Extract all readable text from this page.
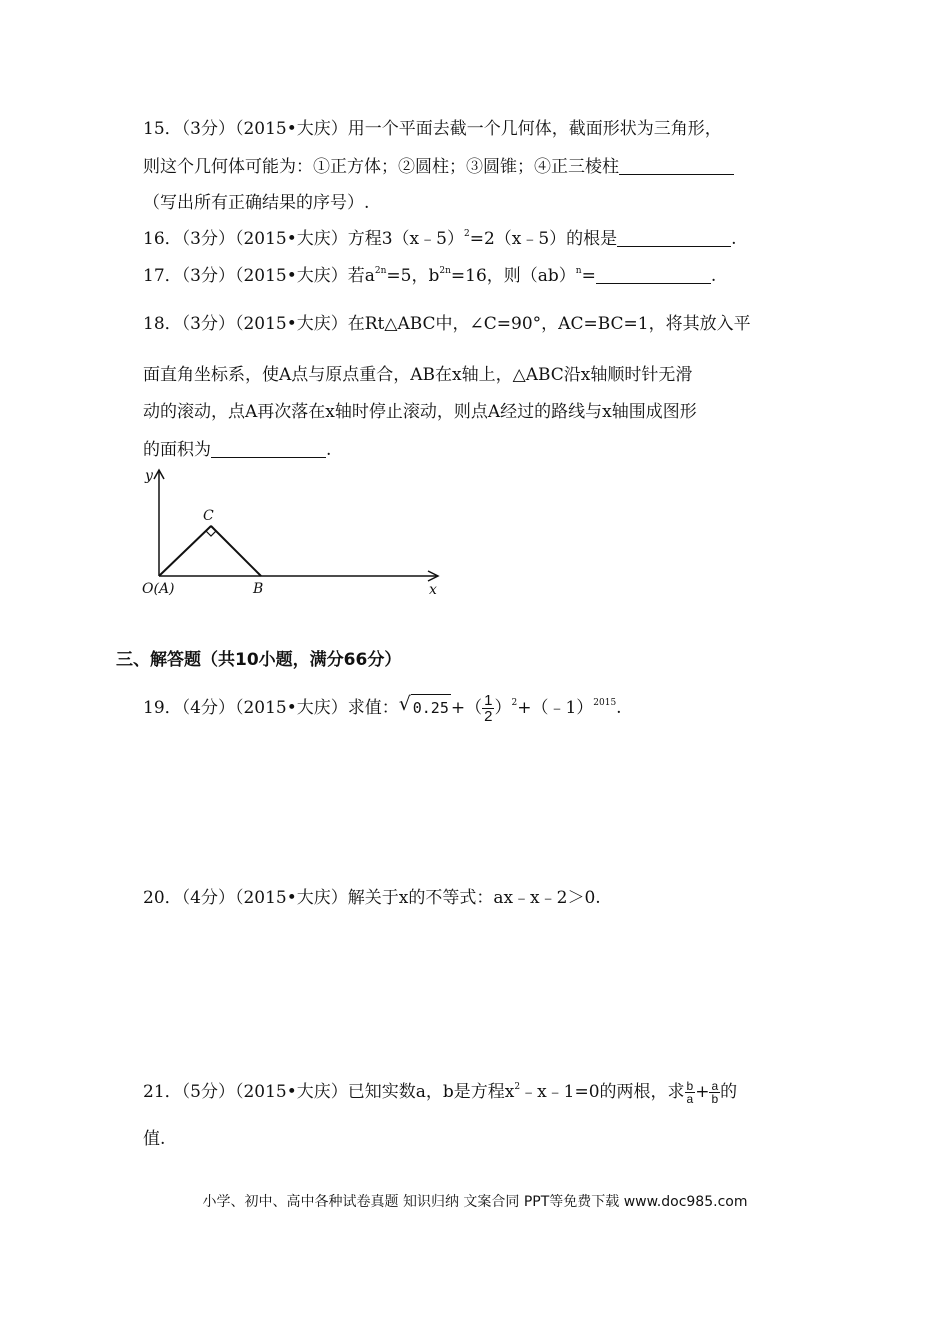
15．（3分）（2015•大庆）用一个平面去截一个几何体，截面形状为三角形，
则这个几何体可能为：①正方体；②圆柱；③圆锥；④正三棱柱
（写出所有正确结果的序号）.
16．（3分）（2015•大庆）方程3（x﹣5）$^2$=2（x﹣5）的根是	.
17．（3分）（2015•大庆）若$a^{2n}=5$，$b^{2n}=16$，则（ab）$^n$=	.
18．（3分）（2015•大庆）在Rt△ABC中，∠C=90°，AC=BC=1，将其放入平
面直角坐标系，使A点与原点重合，AB在x轴上，△ABC沿x轴顺时针无滑
动的滚动，点A再次落在x轴时停止滚动，则点A经过的路线与x轴围成图形
的面积为	.
y
x
C
O(A)	B
三、解答题（共10小题，满分66分）
19．（4分）（2015•大庆）求值： √ 0.25 +（ $\frac{1}{2}$ ）$^2$+（﹣1）$^{2015}$.
20．（4分）（2015•大庆）解关于x的不等式：ax﹣x﹣2＞0.
21．（5分）（2015•大庆）已知实数a，b是方程$x^2﹣x﹣1=0$的两根，求 $\frac{b}{a} + \frac{a}{b}$ 的
值.
小学、初中、高中各种试卷真题 知识归纳 文案合同 PPT等免费下载 www.doc985.com
